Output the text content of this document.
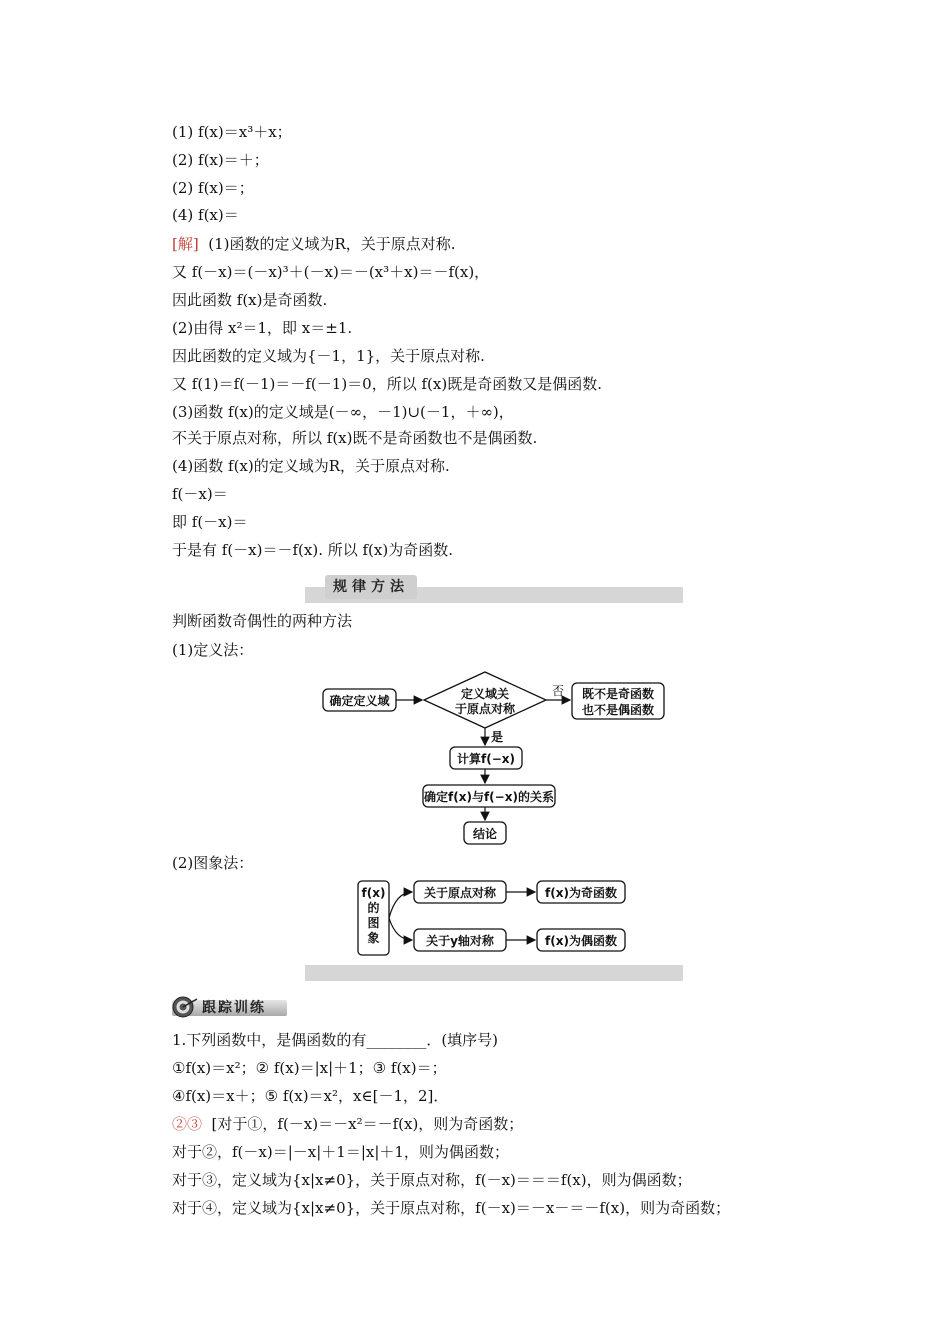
(1) f(x)＝x³＋x；
(2) f(x)＝＋；
(2) f(x)＝；
(4) f(x)＝
[解]  (1)函数的定义域为R，关于原点对称.
又 f(－x)＝(－x)³＋(－x)＝－(x³＋x)＝－f(x)，
因此函数 f(x)是奇函数.
(2)由得 x²＝1，即 x＝±1.
因此函数的定义域为{－1，1}，关于原点对称.
又 f(1)＝f(－1)＝－f(－1)＝0，所以 f(x)既是奇函数又是偶函数.
(3)函数 f(x)的定义域是(－∞，－1)∪(－1，＋∞)，
不关于原点对称，所以 f(x)既不是奇函数也不是偶函数.
(4)函数 f(x)的定义域为R，关于原点对称.
f(－x)＝
即 f(－x)＝
于是有 f(－x)＝－f(x). 所以 f(x)为奇函数.
规律方法
判断函数奇偶性的两种方法
(1)定义法：
确定定义域	定义域关
于原点对称
否 既不是奇函数
也不是偶函数
是
计算f(−x)
确定f(x)与f(−x)的关系
结论
(2)图象法：
f(x)
的
图
象
关于原点对称	f(x)为奇函数
关于y轴对称	f(x)为偶函数
跟踪训练
1.下列函数中，是偶函数的有________．(填序号)
①f(x)＝x²；② f(x)＝|x|＋1；③ f(x)＝；
④f(x)＝x＋；⑤ f(x)＝x²，x∈[－1，2]．
②③  [对于①，f(－x)＝－x²＝－f(x)，则为奇函数；
对于②，f(－x)＝|－x|＋1＝|x|＋1，则为偶函数；
对于③，定义域为{x|x≠0}，关于原点对称，f(－x)＝＝＝f(x)，则为偶函数；
对于④，定义域为{x|x≠0}，关于原点对称，f(－x)＝－x－＝－f(x)，则为奇函数；
